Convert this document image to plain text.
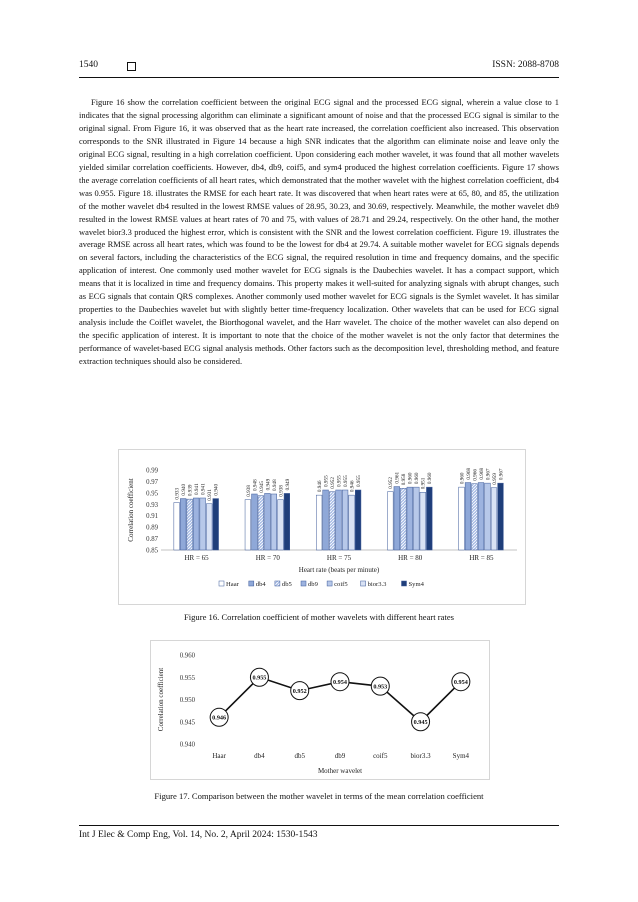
1540	ISSN: 2088-8708

Figure 16 show the correlation coefficient between the original ECG signal and the processed ECG signal, wherein a value close to 1 indicates that the signal processing algorithm can eliminate a significant amount of noise and that the processed ECG signal is similar to the original signal. From Figure 16, it was observed that as the heart rate increased, the correlation coefficient also increased. This observation corresponds to the SNR illustrated in Figure 14 because a high SNR indicates that the algorithm can eliminate noise and leave only the original ECG signal, resulting in a high correlation coefficient. Upon considering each mother wavelet, it was found that all mother wavelets yielded similar correlation coefficients. However, db4, db9, coif5, and sym4 produced the highest correlation coefficients. Figure 17 shows the average correlation coefficients of all heart rates, which demonstrated that the mother wavelet with the highest correlation coefficient, db4 was 0.955. Figure 18. illustrates the RMSE for each heart rate. It was discovered that when heart rates were at 65, 80, and 85, the utilization of the mother wavelet db4 resulted in the lowest RMSE values of 28.95, 30.23, and 30.69, respectively. Meanwhile, the mother wavelet db9 resulted in the lowest RMSE values at heart rates of 70 and 75, with values of 28.71 and 29.24, respectively. On the other hand, the mother wavelet bior3.3 produced the highest error, which is consistent with the SNR and the lowest correlation coefficient. Figure 19. illustrates the average RMSE across all heart rates, which was found to be the lowest for db4 at 29.74. A suitable mother wavelet for ECG signals depends on several factors, including the characteristics of the ECG signal, the required resolution in time and frequency domains, and the specific application of interest. One commonly used mother wavelet for ECG signals is the Daubechies wavelet. It has a compact support, which means that it is localized in time and frequency domains. This property makes it well-suited for analyzing signals with abrupt changes, such as ECG signals that contain QRS complexes. Another commonly used mother wavelet for ECG signals is the Symlet wavelet. It has similar properties to the Daubechies wavelet but with slightly better time-frequency localization. Other wavelets that can be used for ECG signal analysis include the Coiflet wavelet, the Biorthogonal wavelet, and the Harr wavelet. The choice of the mother wavelet can also depend on the specific application of interest. It is important to note that the choice of the mother wavelet is not the only factor that determines the performance of wavelet-based ECG signal analysis methods. Other factors such as the decomposition level, thresholding method, and feature extraction techniques should also be considered.

0.85
0.87
0.89
0.91
0.93
0.95
0.97
0.99
Correlation coefficient	0.933 0.940 0.939 0.941 0.941 0.931 0.940
HR = 65
0.938 0.948 0.945 0.949 0.948 0.938
0.949
HR = 70
0.946 0.955 0.952 0.955 0.955 0.946 0.955
HR = 75
0.952 0.961 0.958 0.960 0.960 0.951 0.960
HR = 80
0.960 0.968 0.966 0.968 0.967 0.959 0.967
HR = 85
Heart rate (beats per minute)
Haar	db4 db5 db9 coif5	bior3.3	Sym4
Figure 16. Correlation coefficient of mother wavelets with different heart rates
0.940
0.945
0.950
0.955
0.960
Correlation coefficient	0.946
Haar
0.955
db4
0.952
db5
0.954
db9
0.953
coif5
0.945
bior3.3
0.954
Sym4
Mother wavelet
Figure 17. Comparison between the mother wavelet in terms of the mean correlation coefficient
Int J Elec & Comp Eng, Vol. 14, No. 2, April 2024: 1530-1543
